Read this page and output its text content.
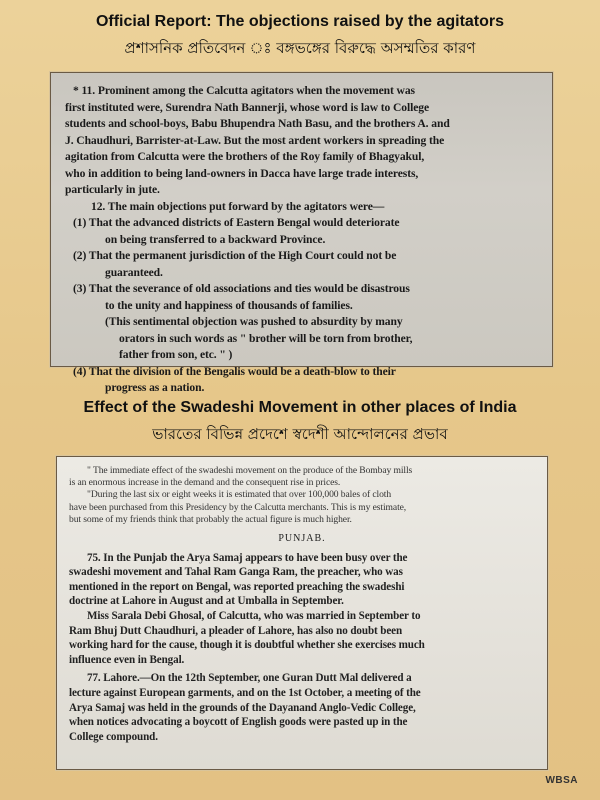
Official Report: The objections raised by the agitators
প্রশাসনিক প্রতিবেদন ঃ বঙ্গভঙ্গের বিরুদ্ধে অসম্মতির কারণ
* 11. Prominent among the Calcutta agitators when the movement was
first instituted were, Surendra Nath Bannerji, whose word is law to College
students and school-boys, Babu Bhupendra Nath Basu, and the brothers A. and
J. Chaudhuri, Barrister-at-Law. But the most ardent workers in spreading the
agitation from Calcutta were the brothers of the Roy family of Bhagyakul,
who in addition to being land-owners in Dacca have large trade interests,
particularly in jute.
12. The main objections put forward by the agitators were—
(1) That the advanced districts of Eastern Bengal would deteriorate
on being transferred to a backward Province.
(2) That the permanent jurisdiction of the High Court could not be
guaranteed.
(3) That the severance of old associations and ties would be disastrous
to the unity and happiness of thousands of families.
(This sentimental objection was pushed to absurdity by many
orators in such words as " brother will be torn from brother,
father from son, etc. " )
(4) That the division of the Bengalis would be a death-blow to their
progress as a nation.
Effect of the Swadeshi Movement in other places of India
ভারতের বিভিন্ন প্রদেশে স্বদেশী আন্দোলনের প্রভাব
" The immediate effect of the swadeshi movement on the produce of the Bombay mills
is an enormous increase in the demand and the consequent rise in prices.
"During the last six or eight weeks it is estimated that over 100,000 bales of cloth
have been purchased from this Presidency by the Calcutta merchants. This is my estimate,
but some of my friends think that probably the actual figure is much higher.
PUNJAB.
75. In the Punjab the Arya Samaj appears to have been busy over the
swadeshi movement and Tahal Ram Ganga Ram, the preacher, who was
mentioned in the report on Bengal, was reported preaching the swadeshi
doctrine at Lahore in August and at Umballa in September.
Miss Sarala Debi Ghosal, of Calcutta, who was married in September to
Ram Bhuj Dutt Chaudhuri, a pleader of Lahore, has also no doubt been
working hard for the cause, though it is doubtful whether she exercises much
influence even in Bengal.
77. Lahore.—On the 12th September, one Guran Dutt Mal delivered a
lecture against European garments, and on the 1st October, a meeting of the
Arya Samaj was held in the grounds of the Dayanand Anglo-Vedic College,
when notices advocating a boycott of English goods were pasted up in the
College compound.
WBSA
